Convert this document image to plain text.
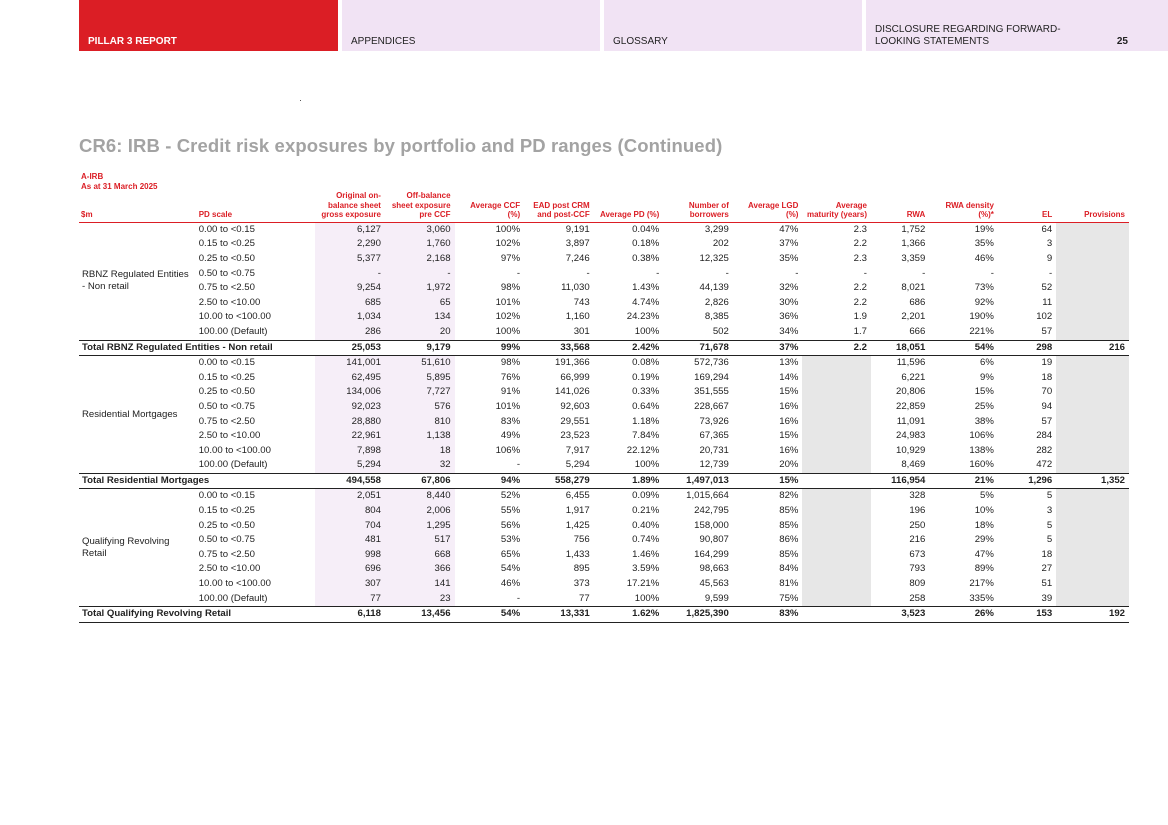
PILLAR 3 REPORT	APPENDICES	GLOSSARY
DISCLOSURE REGARDING FORWARD-LOOKING STATEMENTS	25
CR6: IRB - Credit risk exposures by portfolio and PD ranges (Continued)
A-IRB
As at 31 March 2025
$m	PD scale	Original on-balance sheet gross exposure	Off-balance sheet exposure pre CCF	Average CCF (%)	EAD post CRM and post-CCF	Average PD (%)	Number of borrowers	Average LGD (%)	Average maturity (years)	RWA	RWA density (%)*	EL	Provisions
RBNZ Regulated Entities - Non retail	0.00 to <0.15	6,127	3,060	100%	9,191	0.04%	3,299	47%	2.3	1,752	19%	64	
	0.15 to <0.25	2,290	1,760	102%	3,897	0.18%	202	37%	2.2	1,366	35%	3	
	0.25 to <0.50	5,377	2,168	97%	7,246	0.38%	12,325	35%	2.3	3,359	46%	9	
	0.50 to <0.75	-	-	-	-	-	-	-	-	-	-	-	
	0.75 to <2.50	9,254	1,972	98%	11,030	1.43%	44,139	32%	2.2	8,021	73%	52	
	2.50 to <10.00	685	65	101%	743	4.74%	2,826	30%	2.2	686	92%	11	
	10.00 to <100.00	1,034	134	102%	1,160	24.23%	8,385	36%	1.9	2,201	190%	102	
	100.00 (Default)	286	20	100%	301	100%	502	34%	1.7	666	221%	57	
Total RBNZ Regulated Entities - Non retail		25,053	9,179	99%	33,568	2.42%	71,678	37%	2.2	18,051	54%	298	216
Residential Mortgages	0.00 to <0.15	141,001	51,610	98%	191,366	0.08%	572,736	13%		11,596	6%	19	
	0.15 to <0.25	62,495	5,895	76%	66,999	0.19%	169,294	14%		6,221	9%	18	
	0.25 to <0.50	134,006	7,727	91%	141,026	0.33%	351,555	15%		20,806	15%	70	
	0.50 to <0.75	92,023	576	101%	92,603	0.64%	228,667	16%		22,859	25%	94	
	0.75 to <2.50	28,880	810	83%	29,551	1.18%	73,926	16%		11,091	38%	57	
	2.50 to <10.00	22,961	1,138	49%	23,523	7.84%	67,365	15%		24,983	106%	284	
	10.00 to <100.00	7,898	18	106%	7,917	22.12%	20,731	16%		10,929	138%	282	
	100.00 (Default)	5,294	32	-	5,294	100%	12,739	20%		8,469	160%	472	
Total Residential Mortgages		494,558	67,806	94%	558,279	1.89%	1,497,013	15%		116,954	21%	1,296	1,352
Qualifying Revolving Retail	0.00 to <0.15	2,051	8,440	52%	6,455	0.09%	1,015,664	82%		328	5%	5	
	0.15 to <0.25	804	2,006	55%	1,917	0.21%	242,795	85%		196	10%	3	
	0.25 to <0.50	704	1,295	56%	1,425	0.40%	158,000	85%		250	18%	5	
	0.50 to <0.75	481	517	53%	756	0.74%	90,807	86%		216	29%	5	
	0.75 to <2.50	998	668	65%	1,433	1.46%	164,299	85%		673	47%	18	
	2.50 to <10.00	696	366	54%	895	3.59%	98,663	84%		793	89%	27	
	10.00 to <100.00	307	141	46%	373	17.21%	45,563	81%		809	217%	51	
	100.00 (Default)	77	23	-	77	100%	9,599	75%		258	335%	39	
Total Qualifying Revolving Retail		6,118	13,456	54%	13,331	1.62%	1,825,390	83%		3,523	26%	153	192
